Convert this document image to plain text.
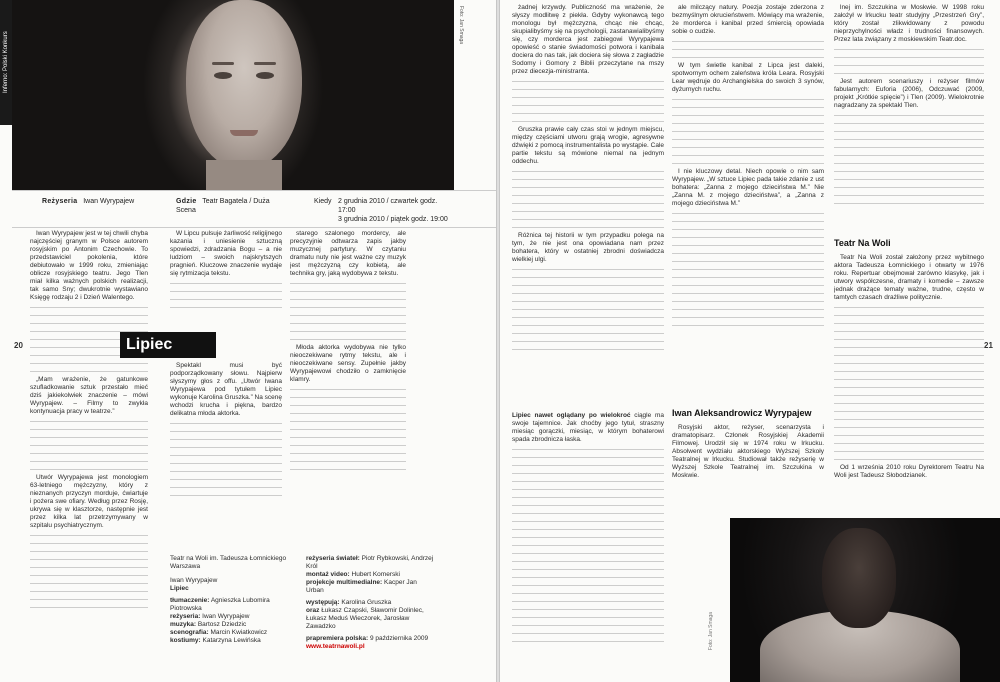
Inferno: Polski Konkurs
Foto: Jan Smaga
Reżyseria Iwan Wyrypajew	Gdzie Teatr Bagatela / Duża Scena
Kiedy 2 grudnia 2010 / czwartek godz. 17:00
3 grudnia 2010 / piątek godz. 19:00
20

Iwan Wyrypajew jest w tej chwili chyba najczęściej granym w Polsce autorem rosyjskim po Antonim Czechowie. To przedstawiciel pokolenia, które debiutowało w 1999 roku, zmieniając oblicze rosyjskiego teatru. Jego Tlen miał kilka ważnych polskich realizacji, tak samo Sny; dwukrotnie wystawiano Księgę rodzaju 2 i Dzień Walentego.

„Mam wrażenie, że gatunkowe szufladkowanie sztuk przestało mieć dziś jakiekolwiek znaczenie – mówi Wyrypajew. – Filmy to zwykła kontynuacja pracy w teatrze.”

Utwór Wyrypajewa jest monologiem 63-letniego mężczyzny, który z nieznanych przyczyn morduje, ćwiartuje i pożera swe ofiary. Według przez Rosję, ukrywa się w klasztorze, następnie jest przez kilka lat przetrzymywany w szpitalu psychiatrycznym.

Lipiec

W Lipcu pulsuje żarliwość religijnego kazania i uniesienie sztuczną spowiedzi, zdradzania Bogu – a nie ludziom – swoich najskrytszych pragnień. Kluczowe znaczenie wydaje się rytmizacja tekstu.

Spektakl musi być podporządkowany słowu. Najpierw słyszymy głos z offu. „Utwór Iwana Wyrypajewa pod tytułem Lipiec wykonuje Karolina Gruszka.” Na scenę wchodzi krucha i piękna, bardzo delikatna młoda aktorka.

starego szalonego mordercy, ale precyzyjnie odtwarza zapis jakby muzycznej partytury. W czytaniu dramatu nuty nie jest ważne czy muzyk jest mężczyzną czy kobietą, ale technika gry, jaką wydobywa z tekstu.

Młoda aktorka wydobywa nie tylko nieoczekiwane rytmy tekstu, ale i nieoczekiwane sensy. Zupełnie jakby Wyrypajewowi chodziło o zamknięcie klamry.

Teatr na Woli im. Tadeusza Łomnickiego Warszawa
Iwan Wyrypajew
Lipiec
tłumaczenie: Agnieszka Lubomira Piotrowska
reżyseria: Iwan Wyrypajew
muzyka: Bartosz Dziedzic
scenografia: Marcin Kwiatkowicz
kostiumy: Katarzyna Lewińska
reżyseria świateł: Piotr Rybkowski, Andrzej Król
montaż video: Hubert Komerski
projekcje multimedialne: Kacper Jan Urban
występują: Karolina Gruszka
oraz Łukasz Czapski, Sławomir Dolinlec, Łukasz Meduś Wieczorek, Jarosław Zawadzko
prapremiera polska: 9 października 2009
www.teatrnawoli.pl

żadnej krzywdy. Publiczność ma wrażenie, że słyszy modlitwę z piekła. Gdyby wykonawcą tego monologu był mężczyzna, chcąc nie chcąc, skupialibyśmy się na psychologii, zastanawialibyśmy się, czy morderca jest zabiegowi Wyrypajewa opowieść o stanie świadomości potwora i kanibala dociera do nas tak, jak dociera się słowa z zagładzie Sodomy i Gomory z Biblii przeczytane na mszy przez diecezja-ministranta.

Gruszka prawie cały czas stoi w jednym miejscu, między częściami utworu grają wrogie, agresywne dźwięki z pomocą instrumentalista po wystąpie. Cale partie tekstu są mówione niemal na jednym oddechu.

Różnica tej historii w tym przypadku polega na tym, że nie jest ona opowiadana nam przez bohatera, który w ostatniej zbrodni doświadcza wielkiej ulgi.

Lipiec nawet oglądany po wielokroć ciągle ma swoje tajemnice. Jak choćby jego tytuł, straszny miesiąc gorączki, miesiąc, w którym bohaterowi spada zbrodnicza łaska.

ale milczący natury. Poezja zostaje zderzona z bezmyślnym okrucieństwem. Mówiący ma wrażenie, że morderca i kanibal przed śmiercią opowiada sobie o cudzie.

W tym świetle kanibal z Lipca jest daleki, spotwornym ochem zaleństwa króla Leara. Rosyjski Lear wędruje do Archangielska do swoich 3 synów, dyżurnych ruchu.

I nie kluczowy detal. Niech opowie o nim sam Wyrypajew. „W sztuce Lipiec pada takie zdanie z ust bohatera: „Zanna z mojego dzieciństwa M.” Nie „Zanna M. z mojego dzieciństwa”, a „Zanna z mojego dzieciństwa M.”

Iwan Aleksandrowicz Wyrypajew

Rosyjski aktor, reżyser, scenarzysta i dramatopisarz. Członek Rosyjskiej Akademii Filmowej. Urodził się w 1974 roku w Irkucku. Absolwent wydziału aktorskiego Wyższej Szkoły Teatralnej w Irkucku. Studiował także reżyserię w Wyższej Szkole Teatralnej im. Szczukina w Moskwie.

lnej im. Szczukina w Moskwie. W 1998 roku założył w Irkucku teatr studyjny „Przestrzeń Gry”, który został zlikwidowany z powodu nieprzychylności władz i trudności finansowych. Przez lata związany z moskiewskim Teatr.doc.

Jest autorem scenariuszy i reżyser filmów fabularnych: Euforia (2006), Odczuwać (2009, projekt „Krótkie spięcie”) i Tlen (2009). Wielokrotnie nagradzany za spektakl Tlen.

Teatr Na Woli

Teatr Na Woli został założony przez wybitnego aktora Tadeusza Łomnickiego i otwarty w 1976 roku. Repertuar obejmował zarówno klasykę, jak i utwory współczesne, dramaty i komedie – zawsze jednak drażące tematy ważne, trudne, często w tamtych czasach drażliwe politycznie.

Od 1 września 2010 roku Dyrektorem Teatru Na Woli jest Tadeusz Słobodzianek.

21
Foto: Jan Smaga
